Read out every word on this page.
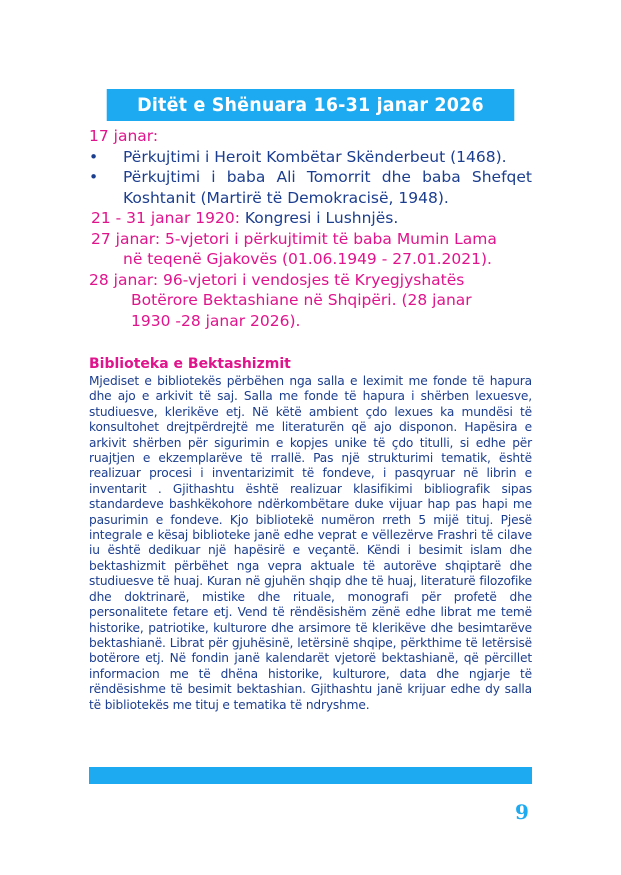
Ditët e Shënuara 16-31 janar 2026
17 janar:
•	Përkujtimi i Heroit Kombëtar Skënderbeut (1468).
•	Përkujtimi i baba Ali Tomorrit dhe baba Shefqet Koshtanit (Martirë të Demokracisë, 1948).
21 - 31 janar 1920: Kongresi i Lushnjës.
27 janar: 5-vjetori i përkujtimit të baba Mumin Lama
në teqenë Gjakovës (01.06.1949 - 27.01.2021).
28 janar: 96-vjetori i vendosjes të Kryegjyshatës
Botërore Bektashiane në Shqipëri. (28 janar
1930 -28 janar 2026).
Biblioteka e Bektashizmit
Mjediset e bibliotekës përbëhen nga salla e leximit me fonde të hapura dhe ajo e arkivit të saj. Salla me fonde të hapura i shërben lexuesve, studiuesve, klerikëve etj. Në këtë ambient çdo lexues ka mundësi të konsultohet drejtpërdrejtë me literaturën që ajo disponon. Hapësira e arkivit shërben për sigurimin e kopjes unike të çdo titulli, si edhe për ruajtjen e ekzemplarëve të rrallë. Pas një strukturimi tematik, është realizuar procesi i inventarizimit të fondeve, i pasqyruar në librin e inventarit . Gjithashtu është realizuar klasifikimi bibliografik sipas standardeve bashkëkohore ndërkombëtare duke vijuar hap pas hapi me pasurimin e fondeve. Kjo bibliotekë numëron rreth 5 mijë tituj. Pjesë integrale e kësaj biblioteke janë edhe veprat e vëllezërve Frashri të cilave iu është dedikuar një hapësirë e veçantë. Këndi i besimit islam dhe bektashizmit përbëhet nga vepra aktuale të autorëve shqiptarë dhe studiuesve të huaj. Kuran në gjuhën shqip dhe të huaj, literaturë filozofike dhe doktrinarë, mistike dhe rituale, monografi për profetë dhe personalitete fetare etj. Vend të rëndësishëm zënë edhe librat me temë historike, patriotike, kulturore dhe arsimore të klerikëve dhe besimtarëve bektashianë. Librat për gjuhësinë, letërsinë shqipe, përkthime të letërsisë botërore etj. Në fondin janë kalendarët vjetorë bektashianë, që përcillet informacion me të dhëna historike, kulturore, data dhe ngjarje të rëndësishme të besimit bektashian. Gjithashtu janë krijuar edhe dy salla të bibliotekës me tituj e tematika të ndryshme.
9
